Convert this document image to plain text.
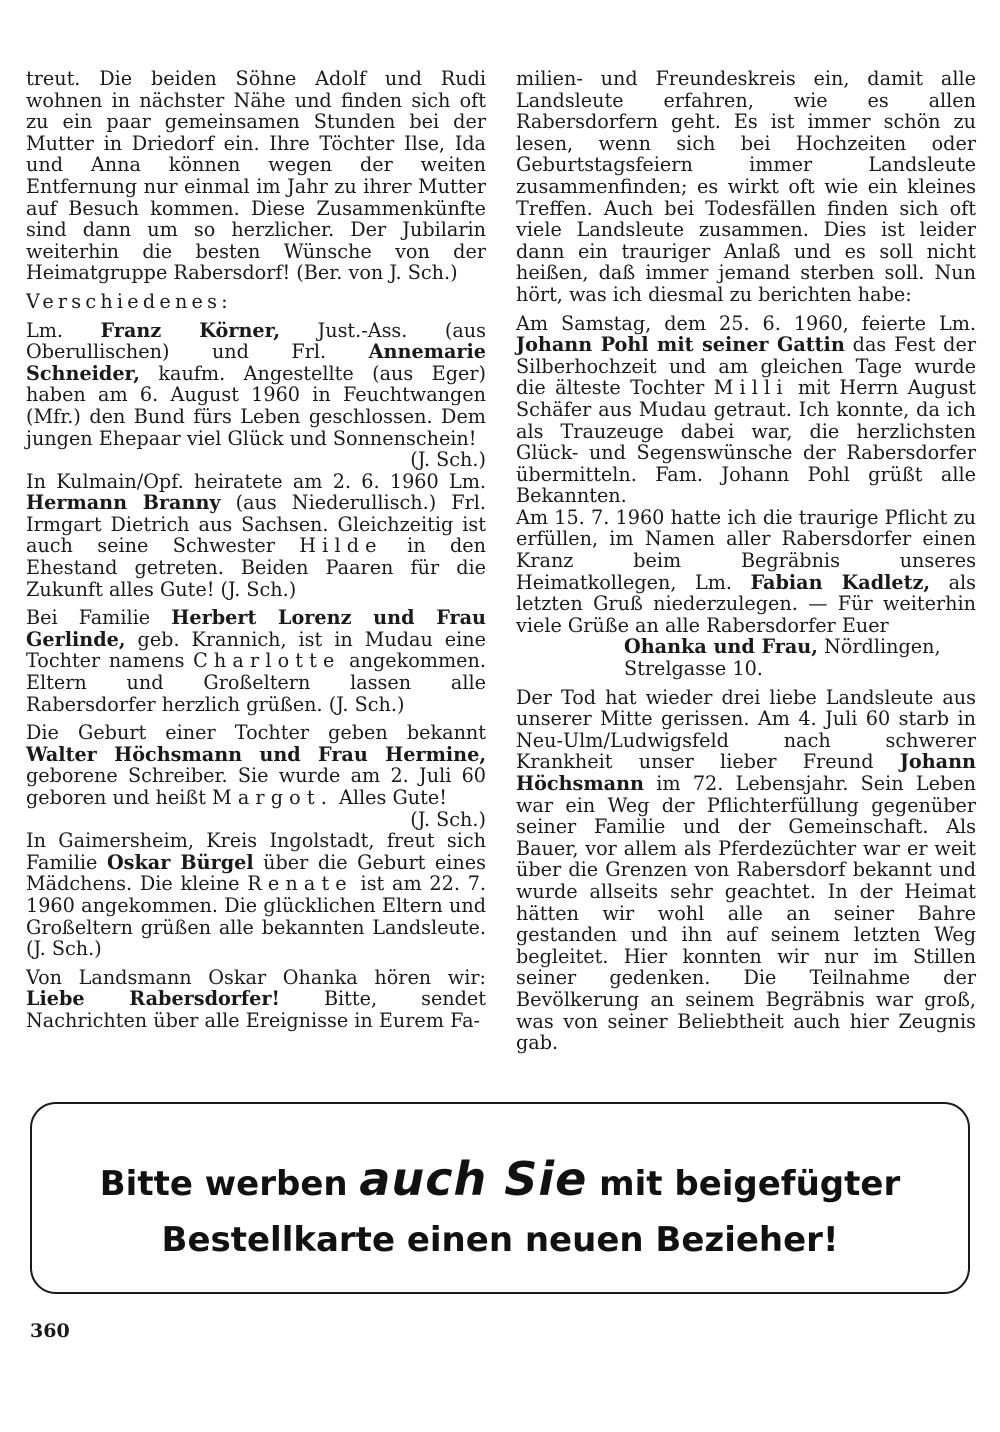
treut. Die beiden Söhne Adolf und Rudi wohnen in nächster Nähe und finden sich oft zu ein paar gemeinsamen Stunden bei der Mutter in Driedorf ein. Ihre Töchter Ilse, Ida und Anna können wegen der weiten Entfernung nur einmal im Jahr zu ihrer Mutter auf Besuch kommen. Diese Zusammenkünfte sind dann um so herzlicher. Der Jubilarin weiterhin die besten Wünsche von der Heimatgruppe Rabersdorf! (Ber. von J. Sch.)

Verschiedenes:

Lm. Franz Körner, Just.-Ass. (aus Oberullischen) und Frl. Annemarie Schneider, kaufm. Angestellte (aus Eger) haben am 6. August 1960 in Feuchtwangen (Mfr.) den Bund fürs Leben geschlossen. Dem jungen Ehepaar viel Glück und Sonnenschein!
(J. Sch.)

In Kulmain/Opf. heiratete am 2. 6. 1960 Lm. Hermann Branny (aus Niederullisch.) Frl. Irmgart Dietrich aus Sachsen. Gleichzeitig ist auch seine Schwester Hilde in den Ehestand getreten. Beiden Paaren für die Zukunft alles Gute! (J. Sch.)

Bei Familie Herbert Lorenz und Frau Gerlinde, geb. Krannich, ist in Mudau eine Tochter namens Charlotte angekommen. Eltern und Großeltern lassen alle Rabersdorfer herzlich grüßen. (J. Sch.)

Die Geburt einer Tochter geben bekannt Walter Höchsmann und Frau Hermine, geborene Schreiber. Sie wurde am 2. Juli 60 geboren und heißt Margot. Alles Gute!
(J. Sch.)

In Gaimersheim, Kreis Ingolstadt, freut sich Familie Oskar Bürgel über die Geburt eines Mädchens. Die kleine Renate ist am 22. 7. 1960 angekommen. Die glücklichen Eltern und Großeltern grüßen alle bekannten Landsleute. (J. Sch.)

Von Landsmann Oskar Ohanka hören wir: Liebe Rabersdorfer! Bitte, sendet Nachrichten über alle Ereignisse in Eurem Fa-

milien- und Freundeskreis ein, damit alle Landsleute erfahren, wie es allen Rabersdorfern geht. Es ist immer schön zu lesen, wenn sich bei Hochzeiten oder Geburtstagsfeiern immer Landsleute zusammenfinden; es wirkt oft wie ein kleines Treffen. Auch bei Todesfällen finden sich oft viele Landsleute zusammen. Dies ist leider dann ein trauriger Anlaß und es soll nicht heißen, daß immer jemand sterben soll. Nun hört, was ich diesmal zu berichten habe:

Am Samstag, dem 25. 6. 1960, feierte Lm. Johann Pohl mit seiner Gattin das Fest der Silberhochzeit und am gleichen Tage wurde die älteste Tochter Milli mit Herrn August Schäfer aus Mudau getraut. Ich konnte, da ich als Trauzeuge dabei war, die herzlichsten Glück- und Segenswünsche der Rabersdorfer übermitteln. Fam. Johann Pohl grüßt alle Bekannten.

Am 15. 7. 1960 hatte ich die traurige Pflicht zu erfüllen, im Namen aller Rabersdorfer einen Kranz beim Begräbnis unseres Heimatkollegen, Lm. Fabian Kadletz, als letzten Gruß niederzulegen. — Für weiterhin viele Grüße an alle Rabersdorfer Euer

Ohanka und Frau, Nördlingen,
Strelgasse 10.

Der Tod hat wieder drei liebe Landsleute aus unserer Mitte gerissen. Am 4. Juli 60 starb in Neu-Ulm/Ludwigsfeld nach schwerer Krankheit unser lieber Freund Johann Höchsmann im 72. Lebensjahr. Sein Leben war ein Weg der Pflichterfüllung gegenüber seiner Familie und der Gemeinschaft. Als Bauer, vor allem als Pferdezüchter war er weit über die Grenzen von Rabersdorf bekannt und wurde allseits sehr geachtet. In der Heimat hätten wir wohl alle an seiner Bahre gestanden und ihn auf seinem letzten Weg begleitet. Hier konnten wir nur im Stillen seiner gedenken. Die Teilnahme der Bevölkerung an seinem Begräbnis war groß, was von seiner Beliebtheit auch hier Zeugnis gab.

Bitte werben auch Sie mit beigefügter
Bestellkarte einen neuen Bezieher!
360
